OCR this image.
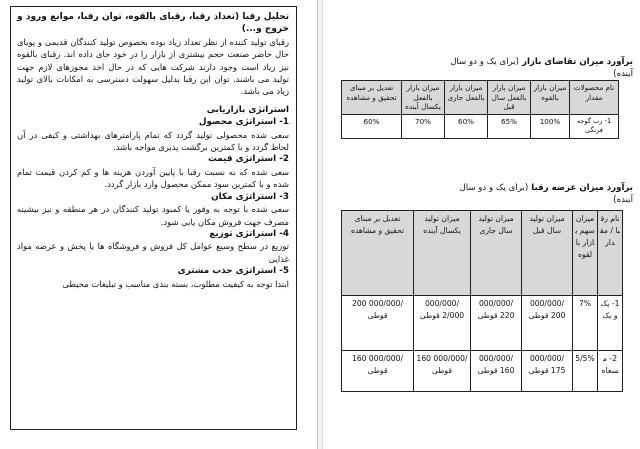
تحلیل رقبا (تعداد رقبا، رقبای بالقوه، توان رقبا، موانع ورود و خروج و...)

رقبای تولید کننده از نظر تعداد زیاد بوده بخصوص تولید کنندگان قدیمی و پویای حال حاضر صنعت حجم بیشتری از بازار را در خود جای داده اند. رقبای بالقوه نیز زیاد است وجود دارند شرکت هایی که در حال اخذ مجوزهای لازم جهت تولید می باشند. توان این رقبا بدلیل سهولت دسترسی به امکانات بالای تولید زیاد می باشد.

استراتژی بازاریابی

1- استراتژی محصول

سعی شده محصولی تولید گردد که تمام پارامترهای بهداشتی و کیفی در آن لحاظ گردد و با کمترین برگشت پذیری مواجه باشد.

2- استراتژی قیمت

سعی شده که به نسبت رقبا با پایین آوردن هزینه ها و کم کردن قیمت تمام شده و با کمترین سود ممکن محصول وارد بازار گردد.

3- استراتژی مکان

سعی شده با توجه به وفور یا کمبود تولید کنندگان در هر منطقه و نیز بیشینه مصرف جهت فروش مکان یابی شود.

4- استراتژی توزیع

توزیع در سطح وسیع عوامل کل فروش و فروشگاه ها یا پخش و عرضه مواد غذایی

5- استراتژی جذب مشتری

ابتدا توجه به کیفیت مطلوب، بسته بندی مناسب و تبلیغات محیطی

برآورد میزان تقاضای بازار (برای یک و دو سال
آینده)
نام محصولات مقدار	میزان بازار بالقوه	میزان بازار بالفعل سال قبل	میزان بازار بالفعل جاری	میزان بازار بالفعل یکسال آینده	تعدیل بر مبنای تحقیق و مشاهده
1- رب گوجه فرنگی	100%	65%	60%	70%	60%
برآورد میزان عرضه رقبا (برای یک و دو سال
آینده)
نام رقبا / مقدار	میزان سهم بازار بالقوه	میزان تولید سال قبل	میزان تولید سال جاری	میزان تولید یکسال آینده	تعدیل بر مبنای تحقیق و مشاهده
1- یک و یک	7%	/000/000 200 قوطی	/000/000 220 قوطی	/000/000 2/000 قوطی	/000/000 200 قوطی
2- مسعاه	5%/5	/000/000 175 قوطی	/000/000 160 قوطی	/000/000 160 قوطی	/000/000 160 قوطی
